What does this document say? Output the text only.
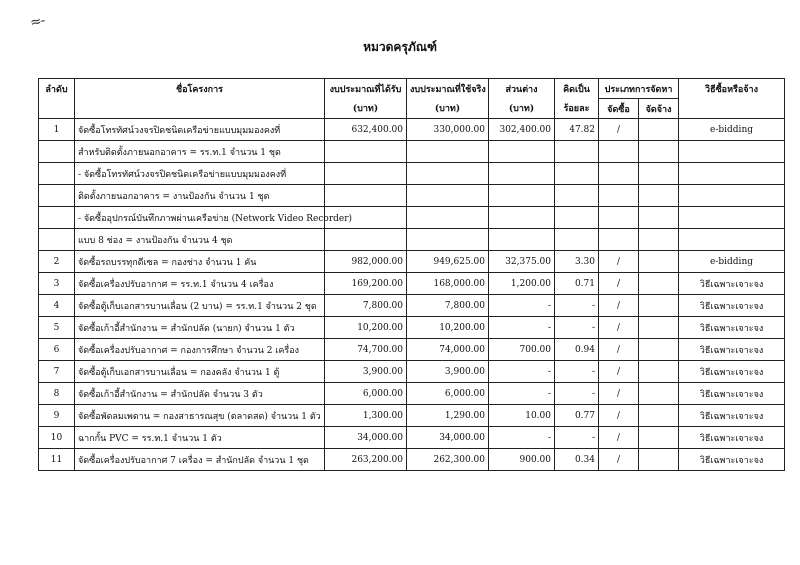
≈-
หมวดครุภัณฑ์
ลำดับ	ชื่อโครงการ	งบประมาณที่ได้รับ	งบประมาณที่ใช้จริง	ส่วนต่าง	คิดเป็น	ประเภทการจัดหา		วิธีซื้อหรือจ้าง
		(บาท)	(บาท)	(บาท)	ร้อยละ	จัดซื้อ	จัดจ้าง	
1	จัดซื้อโทรทัศน์วงจรปิดชนิดเครือข่ายแบบมุมมองคงที่	632,400.00	330,000.00	302,400.00	47.82	/		e-bidding
	สำหรับติดตั้งภายนอกอาคาร = รร.ท.1 จำนวน 1 ชุด							
	- จัดซื้อโทรทัศน์วงจรปิดชนิดเครือข่ายแบบมุมมองคงที่							
	ติดตั้งภายนอกอาคาร = งานป้องกัน จำนวน 1 ชุด							
	- จัดซื้ออุปกรณ์บันทึกภาพผ่านเครือข่าย (Network Video Recorder)							
	แบบ 8 ช่อง = งานป้องกัน จำนวน 4 ชุด							
2	จัดซื้อรถบรรทุกดีเซล = กองช่าง จำนวน 1 คัน	982,000.00	949,625.00	32,375.00	3.30	/		e-bidding
3	จัดซื้อเครื่องปรับอากาศ = รร.ท.1 จำนวน 4 เครื่อง	169,200.00	168,000.00	1,200.00	0.71	/		วิธีเฉพาะเจาะจง
4	จัดซื้อตู้เก็บเอกสารบานเลื่อน (2 บาน) = รร.ท.1 จำนวน 2 ชุด	7,800.00	7,800.00	-	-	/		วิธีเฉพาะเจาะจง
5	จัดซื้อเก้าอี้สำนักงาน = สำนักปลัด (นายก) จำนวน 1 ตัว	10,200.00	10,200.00	-	-	/		วิธีเฉพาะเจาะจง
6	จัดซื้อเครื่องปรับอากาศ = กองการศึกษา จำนวน 2 เครื่อง	74,700.00	74,000.00	700.00	0.94	/		วิธีเฉพาะเจาะจง
7	จัดซื้อตู้เก็บเอกสารบานเลื่อน = กองคลัง จำนวน 1 ตู้	3,900.00	3,900.00	-	-	/		วิธีเฉพาะเจาะจง
8	จัดซื้อเก้าอี้สำนักงาน = สำนักปลัด จำนวน 3 ตัว	6,000.00	6,000.00	-	-	/		วิธีเฉพาะเจาะจง
9	จัดซื้อพัดลมเพดาน = กองสาธารณสุข (ตลาดสด) จำนวน 1 ตัว	1,300.00	1,290.00	10.00	0.77	/		วิธีเฉพาะเจาะจง
10	ฉากกั้น PVC = รร.ท.1 จำนวน 1 ตัว	34,000.00	34,000.00	-	-	/		วิธีเฉพาะเจาะจง
11	จัดซื้อเครื่องปรับอากาศ 7 เครื่อง = สำนักปลัด จำนวน 1 ชุด	263,200.00	262,300.00	900.00	0.34	/		วิธีเฉพาะเจาะจง
